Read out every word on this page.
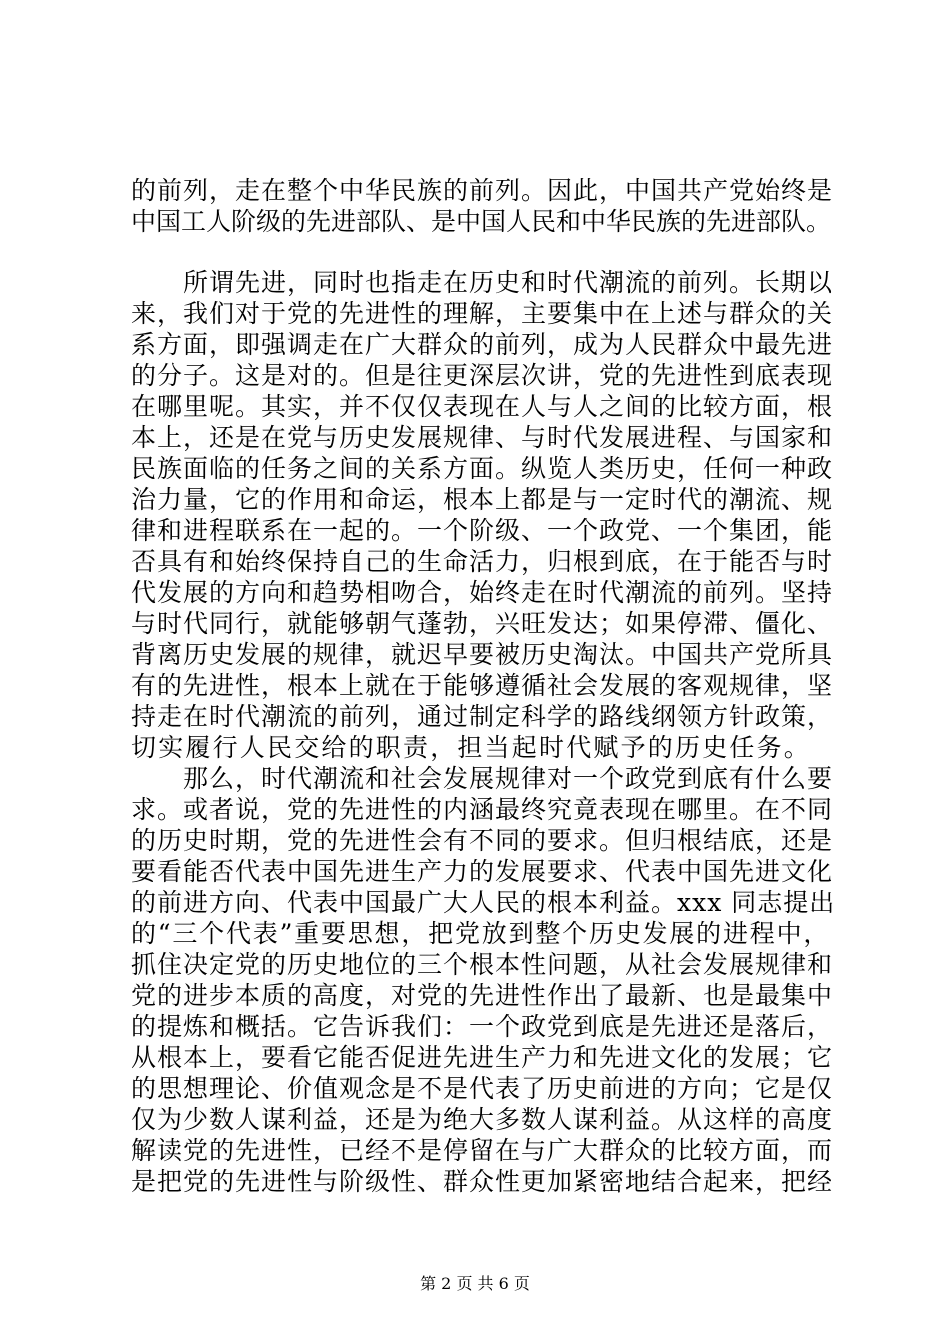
的前列，走在整个中华民族的前列。因此，中国共产党始终是
中国工人阶级的先进部队、是中国人民和中华民族的先进部队。
所谓先进，同时也指走在历史和时代潮流的前列。长期以
来，我们对于党的先进性的理解，主要集中在上述与群众的关
系方面，即强调走在广大群众的前列，成为人民群众中最先进
的分子。这是对的。但是往更深层次讲，党的先进性到底表现
在哪里呢。其实，并不仅仅表现在人与人之间的比较方面，根
本上，还是在党与历史发展规律、与时代发展进程、与国家和
民族面临的任务之间的关系方面。纵览人类历史，任何一种政
治力量，它的作用和命运，根本上都是与一定时代的潮流、规
律和进程联系在一起的。一个阶级、一个政党、一个集团，能
否具有和始终保持自己的生命活力，归根到底，在于能否与时
代发展的方向和趋势相吻合，始终走在时代潮流的前列。坚持
与时代同行，就能够朝气蓬勃，兴旺发达；如果停滞、僵化、
背离历史发展的规律，就迟早要被历史淘汰。中国共产党所具
有的先进性，根本上就在于能够遵循社会发展的客观规律，坚
持走在时代潮流的前列，通过制定科学的路线纲领方针政策，
切实履行人民交给的职责，担当起时代赋予的历史任务。
那么，时代潮流和社会发展规律对一个政党到底有什么要
求。或者说，党的先进性的内涵最终究竟表现在哪里。在不同
的历史时期，党的先进性会有不同的要求。但归根结底，还是
要看能否代表中国先进生产力的发展要求、代表中国先进文化
的前进方向、代表中国最广大人民的根本利益。xxx 同志提出
的“三个代表”重要思想，把党放到整个历史发展的进程中，
抓住决定党的历史地位的三个根本性问题，从社会发展规律和
党的进步本质的高度，对党的先进性作出了最新、也是最集中
的提炼和概括。它告诉我们：一个政党到底是先进还是落后，
从根本上，要看它能否促进先进生产力和先进文化的发展；它
的思想理论、价值观念是不是代表了历史前进的方向；它是仅
仅为少数人谋利益，还是为绝大多数人谋利益。从这样的高度
解读党的先进性，已经不是停留在与广大群众的比较方面，而
是把党的先进性与阶级性、群众性更加紧密地结合起来，把经
第 2 页 共 6 页
